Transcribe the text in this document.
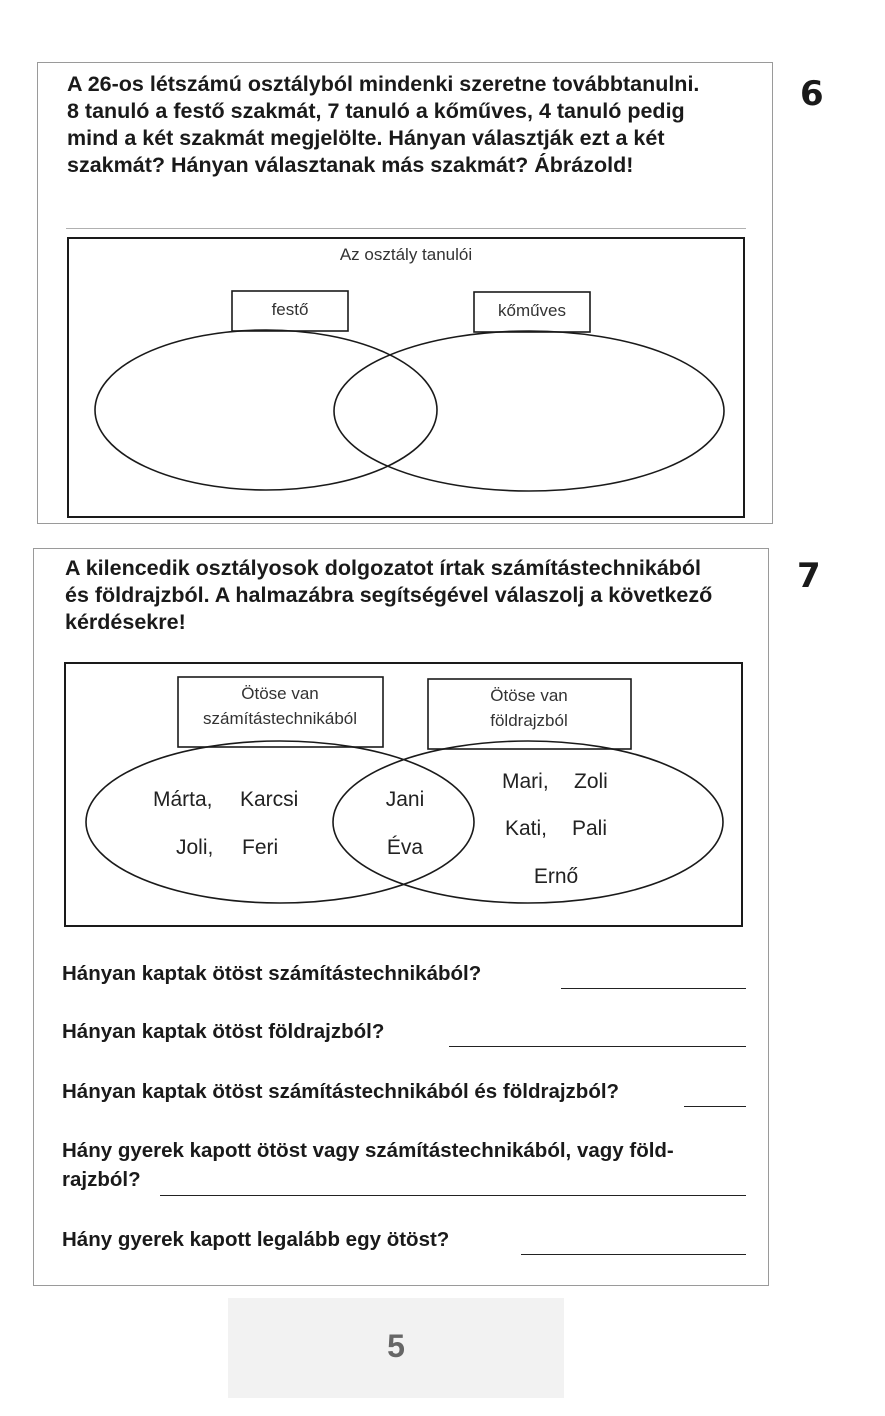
6

A 26-os létszámú osztályból mindenki szeretne továbbtanulni.

8 tanuló a festő szakmát, 7 tanuló a kőműves, 4 tanuló pedig

mind a két szakmát megjelölte. Hányan választják ezt a két

szakmát? Hányan választanak más szakmát? Ábrázold!

Az osztály tanulói
festő	kőműves
7

A kilencedik osztályosok dolgozatot írtak számítástechnikából

és földrajzból. A halmazábra segítségével válaszolj a következő

kérdésekre!

Ötöse van
számítástechnikából
Ötöse van
földrajzból
Márta, Karcsi
Joli, Feri
Jani
Éva
Mari, Zoli
Kati, Pali
Ernő
Hányan kaptak ötöst számítástechnikából?
Hányan kaptak ötöst földrajzból?
Hányan kaptak ötöst számítástechnikából és földrajzból?
Hány gyerek kapott ötöst vagy számítástechnikából, vagy föld-
rajzból?
Hány gyerek kapott legalább egy ötöst?
5
